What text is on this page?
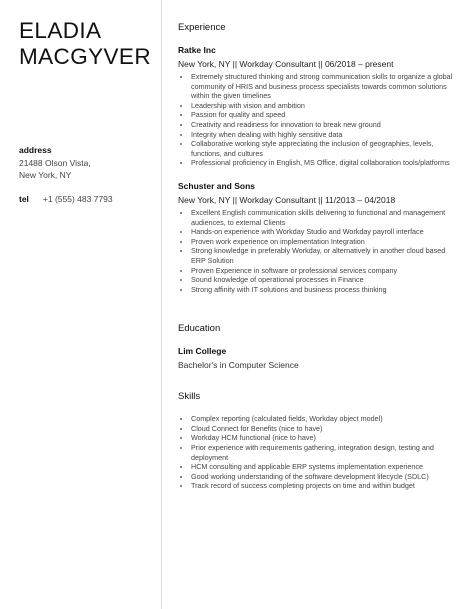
ELADIA
MACGYVER
address
21488 Olson Vista,
New York, NY
tel +1 (555) 483 7793
Experience
Ratke Inc
New York, NY || Workday Consultant || 06/2018 – present
• Extremely structured thinking and strong communication skills to organize a global community of HRIS and business process specialists towards common solutions within the given timelines
• Leadership with vision and ambition
• Passion for quality and speed
• Creativity and readiness for innovation to break new ground
• Integrity when dealing with highly sensitive data
• Collaborative working style appreciating the inclusion of geographies, levels, functions, and cultures
• Professional proficiency in English, MS Office, digital collaboration tools/platforms
Schuster and Sons
New York, NY || Workday Consultant || 11/2013 – 04/2018
• Excellent English communication skills delivering to functional and management audiences, to external Clients
• Hands-on experience with Workday Studio and Workday payroll interface
• Proven work experience on implementation Integration
• Strong knowledge in preferably Workday, or alternatively in another cloud based ERP Solution
• Proven Experience in software or professional services company
• Sound knowledge of operational processes in Finance
• Strong affinity with IT solutions and business process thinking
Education
Lim College
Bachelor's in Computer Science
Skills
• Complex reporting (calculated fields, Workday object model)
• Cloud Connect for Benefits (nice to have)
• Workday HCM functional (nice to have)
• Prior experience with requirements gathering, integration design, testing and deployment
• HCM consulting and applicable ERP systems implementation experience
• Good working understanding of the software development lifecycle (SDLC)
• Track record of success completing projects on time and within budget
